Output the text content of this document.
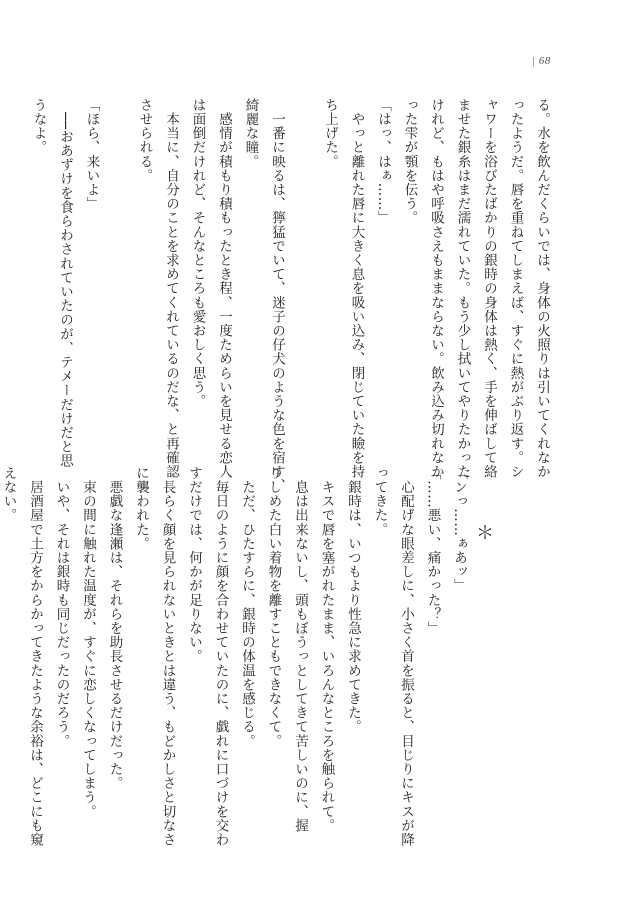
| 68
る。水を飲んだくらいでは、身体の火照りは引いてくれなか
ったようだ。唇を重ねてしまえば、すぐに熱がぶり返す。シ
ャワーを浴びたばかりの銀時の身体は熱く、手を伸ばして絡
ませた銀糸はまだ濡れていた。もう少し拭いてやりたかった
けれど、もはや呼吸さえもままならない。飲み込み切れなか
った雫が顎を伝う。
「はっ、はぁ……」
　やっと離れた唇に大きく息を吸い込み、閉じていた瞼を持
ち上げた。

　一番に映るは、獰猛でいて、迷子の仔犬のような色を宿す、
綺麗な瞳。
　感情が積もり積もったとき程、一度ためらいを見せる恋人
は面倒だけれど、そんなところも愛おしく思う。
　本当に、自分のことを求めてくれているのだな、と再確認
させられる。

「ほら、来いよ」
　──おあずけを食らわされていたのが、テメーだけだと思
うなよ。

＊
「ンっ……ぁあッ」
「……悪い、痛かった？」
　心配げな眼差しに、小さく首を振ると、目じりにキスが降
ってきた。
　銀時は、いつもより性急に求めてきた。
　キスで唇を塞がれたまま、いろんなところを触られて。
　息は出来ないし、頭もぼうっとしてきて苦しいのに、握
りしめた白い着物を離すこともできなくて。
　ただ、ひたすらに、銀時の体温を感じる。
　毎日のように顔を合わせていたのに、戯れに口づけを交わ
すだけでは、何かが足りない。
　長らく顔を見られないときとは違う、もどかしさと切なさ
に襲われた。
　悪戯な逢瀬は、それらを助長させるだけだった。
　束の間に触れた温度が、すぐに恋しくなってしまう。
　いや、それは銀時も同じだったのだろう。
　居酒屋で土方をからかってきたような余裕は、どこにも窺
えない。
